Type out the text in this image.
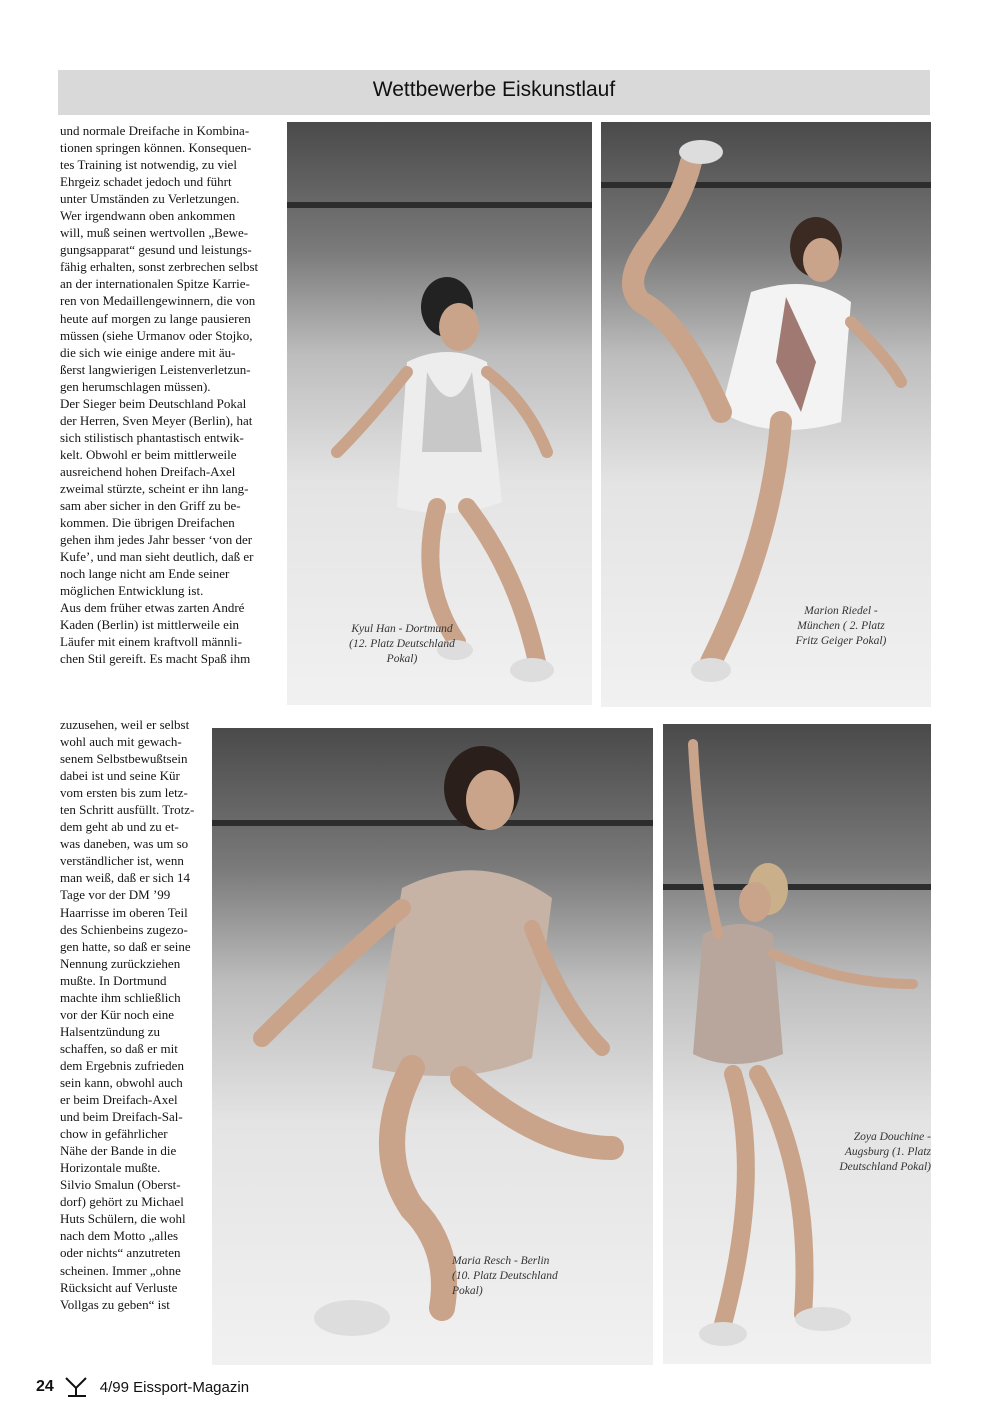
Wettbewerbe Eiskunstlauf
und normale Dreifache in Kombina-
tionen springen können. Konsequen-
tes Training ist notwendig, zu viel
Ehrgeiz schadet jedoch und führt
unter Umständen zu Verletzungen.
Wer irgendwann oben ankommen
will, muß seinen wertvollen „Bewe-
gungsapparat“ gesund und leistungs-
fähig erhalten, sonst zerbrechen selbst
an der internationalen Spitze Karrie-
ren von Medaillengewinnern, die von
heute auf morgen zu lange pausieren
müssen (siehe Urmanov oder Stojko,
die sich wie einige andere mit äu-
ßerst langwierigen Leistenverletzun-
gen herumschlagen müssen).
Der Sieger beim Deutschland Pokal
der Herren, Sven Meyer (Berlin), hat
sich stilistisch phantastisch entwik-
kelt. Obwohl er beim mittlerweile
ausreichend hohen Dreifach-Axel
zweimal stürzte, scheint er ihn lang-
sam aber sicher in den Griff zu be-
kommen. Die übrigen Dreifachen
gehen ihm jedes Jahr besser ‘von der
Kufe’, und man sieht deutlich, daß er
noch lange nicht am Ende seiner
möglichen Entwicklung ist.
Aus dem früher etwas zarten André
Kaden (Berlin) ist mittlerweile ein
Läufer mit einem kraftvoll männli-
chen Stil gereift. Es macht Spaß ihm
zuzusehen, weil er selbst
wohl auch mit gewach-
senem Selbstbewußtsein
dabei ist und seine Kür
vom ersten bis zum letz-
ten Schritt ausfüllt. Trotz-
dem geht ab und zu et-
was daneben, was um so
verständlicher ist, wenn
man weiß, daß er sich 14
Tage vor der DM ’99
Haarrisse im oberen Teil
des Schienbeins zugezo-
gen hatte, so daß er seine
Nennung zurückziehen
mußte. In Dortmund
machte ihm schließlich
vor der Kür noch eine
Halsentzündung zu
schaffen, so daß er mit
dem Ergebnis zufrieden
sein kann, obwohl auch
er beim Dreifach-Axel
und beim Dreifach-Sal-
chow in gefährlicher
Nähe der Bande in die
Horizontale mußte.
Silvio Smalun (Oberst-
dorf) gehört zu Michael
Huts Schülern, die wohl
nach dem Motto „alles
oder nichts“ anzutreten
scheinen. Immer „ohne
Rücksicht auf Verluste
Vollgas zu geben“ ist
Kyul Han - Dortmund
(12. Platz Deutschland
Pokal)
Marion Riedel -
München ( 2. Platz
Fritz Geiger Pokal)
Maria Resch - Berlin
(10. Platz Deutschland
Pokal)
Zoya Douchine -
Augsburg (1. Platz
Deutschland Pokal)
24	4/99 Eissport-Magazin
